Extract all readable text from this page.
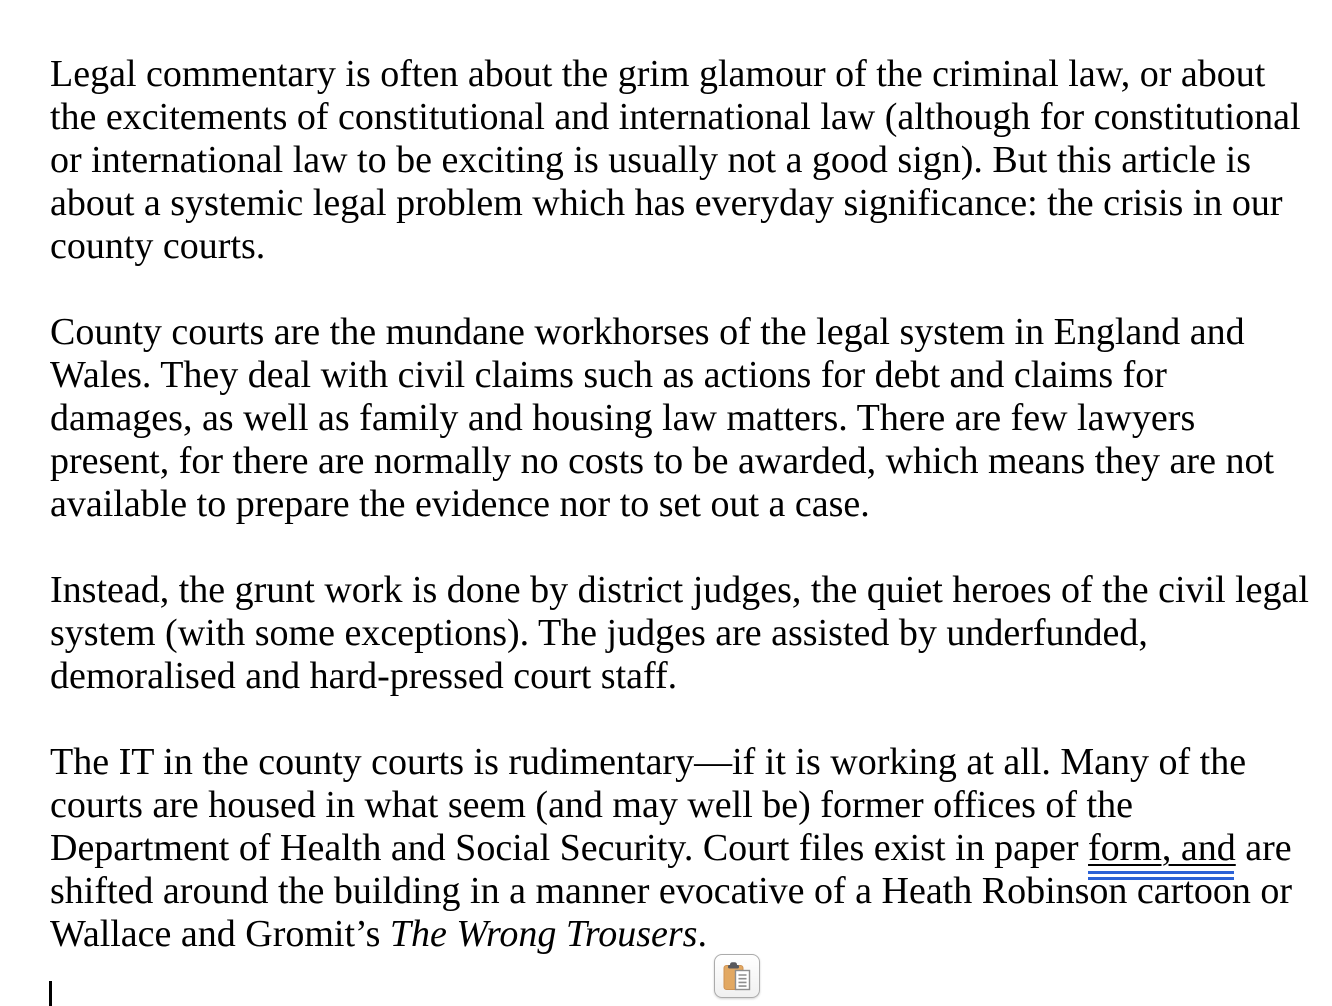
Legal commentary is often about the grim glamour of the criminal law, or about
the excitements of constitutional and international law (although for constitutional
or international law to be exciting is usually not a good sign). But this article is
about a systemic legal problem which has everyday significance: the crisis in our
county courts.
County courts are the mundane workhorses of the legal system in England and
Wales. They deal with civil claims such as actions for debt and claims for
damages, as well as family and housing law matters. There are few lawyers
present, for there are normally no costs to be awarded, which means they are not
available to prepare the evidence nor to set out a case.
Instead, the grunt work is done by district judges, the quiet heroes of the civil legal
system (with some exceptions). The judges are assisted by underfunded,
demoralised and hard-pressed court staff.
The IT in the county courts is rudimentary—if it is working at all. Many of the
courts are housed in what seem (and may well be) former offices of the
Department of Health and Social Security. Court files exist in paper form, and are
shifted around the building in a manner evocative of a Heath Robinson cartoon or
Wallace and Gromit’s The Wrong Trousers.
